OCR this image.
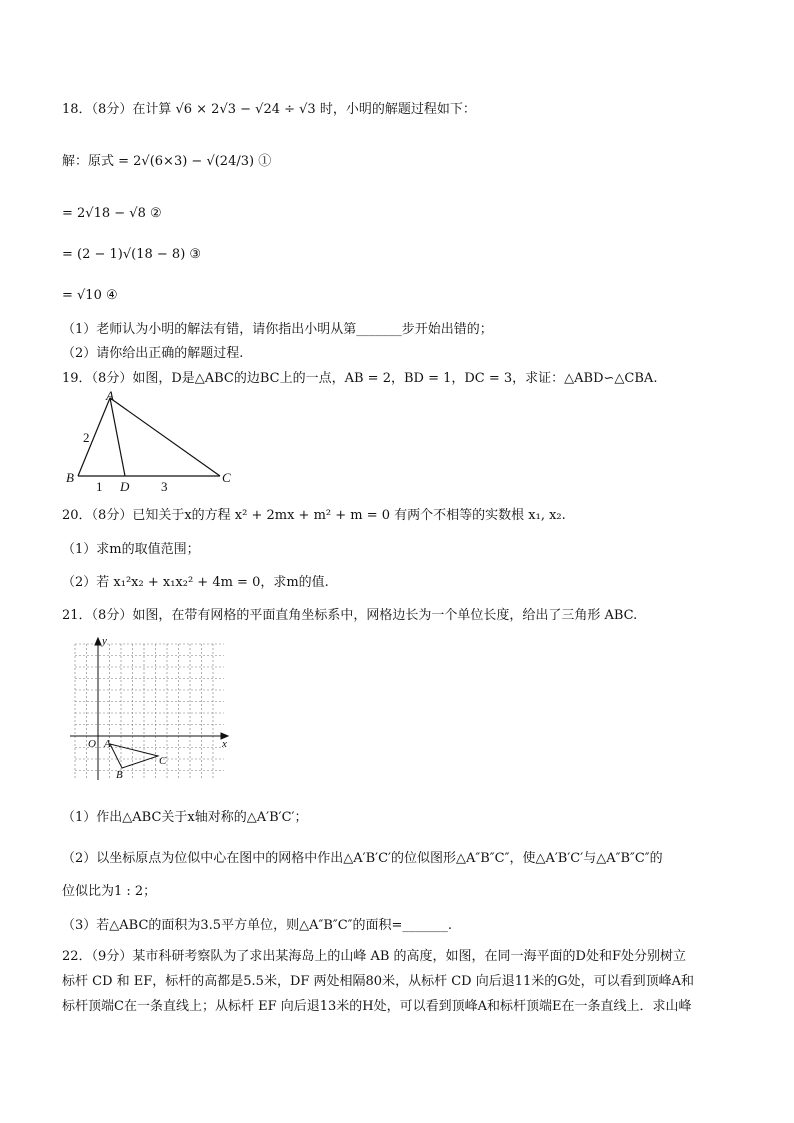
18．（8分）在计算 √6 × 2√3 − √24 ÷ √3 时，小明的解题过程如下：
解：原式 = 2√(6×3) − √(24/3) ①
= 2√18 − √8 ②
= (2 − 1)√(18 − 8) ③
= √10 ④
（1）老师认为小明的解法有错，请你指出小明从第_______步开始出错的；
（2）请你给出正确的解题过程.
19．（8分）如图，D是△ABC的边BC上的一点，AB = 2，BD = 1，DC = 3，求证：△ABD∽△CBA.
A
B	C
D
2
1	3
20．（8分）已知关于x的方程 x² + 2mx + m² + m = 0 有两个不相等的实数根 x₁, x₂.
（1）求m的取值范围；
（2）若 x₁²x₂ + x₁x₂² + 4m = 0，求m的值.
21．（8分）如图，在带有网格的平面直角坐标系中，网格边长为一个单位长度，给出了三角形 ABC.
x
y
O A
B
C
（1）作出△ABC关于x轴对称的△A′B′C′；
（2）以坐标原点为位似中心在图中的网格中作出△A′B′C′的位似图形△A″B″C″，使△A′B′C′与△A″B″C″的
位似比为1 : 2；
（3）若△ABC的面积为3.5平方单位，则△A″B″C″的面积=_______.
22．（9分）某市科研考察队为了求出某海岛上的山峰 AB 的高度，如图，在同一海平面的D处和F处分别树立
标杆 CD 和 EF，标杆的高都是5.5米，DF 两处相隔80米，从标杆 CD 向后退11米的G处，可以看到顶峰A和
标杆顶端C在一条直线上；从标杆 EF 向后退13米的H处，可以看到顶峰A和标杆顶端E在一条直线上．求山峰
